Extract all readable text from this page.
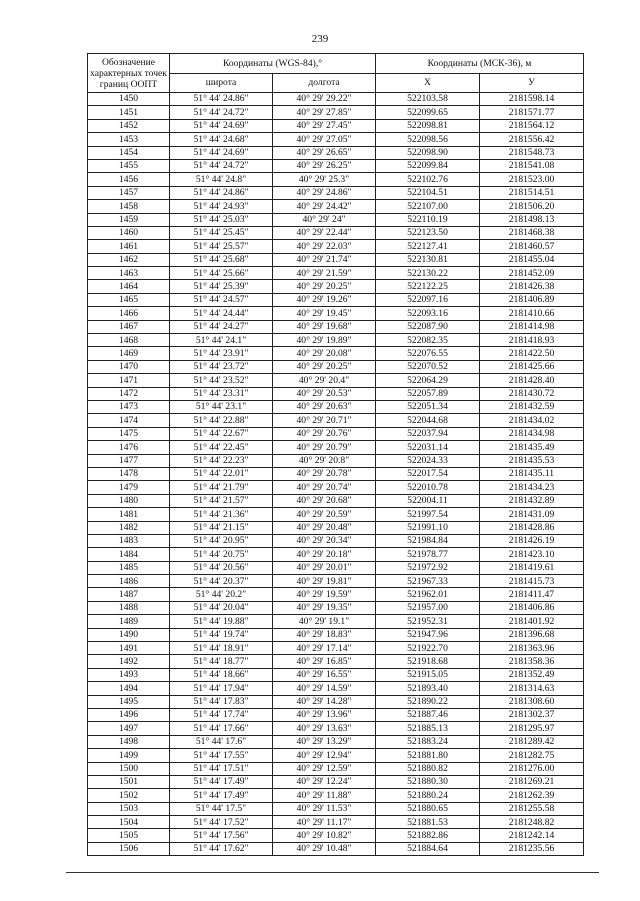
239
Обозначение характерных точек границ ООПТ	Координаты (WGS-84),°		Координаты (МСК-36), м	
	широта	долгота	X	У
1450	51° 44' 24.86"	40° 29' 29.22"	522103.58	2181598.14
1451	51° 44' 24.72"	40° 29' 27.85"	522099.65	2181571.77
1452	51° 44' 24.69"	40° 29' 27.45"	522098.81	2181564.12
1453	51° 44' 24.68"	40° 29' 27.05"	522098.56	2181556.42
1454	51° 44' 24.69"	40° 29' 26.65"	522098.90	2181548.73
1455	51° 44' 24.72"	40° 29' 26.25"	522099.84	2181541.08
1456	51° 44' 24.8"	40° 29' 25.3"	522102.76	2181523.00
1457	51° 44' 24.86"	40° 29' 24.86"	522104.51	2181514.51
1458	51° 44' 24.93"	40° 29' 24.42"	522107.00	2181506.20
1459	51° 44' 25.03"	40° 29' 24"	522110.19	2181498.13
1460	51° 44' 25.45"	40° 29' 22.44"	522123.50	2181468.38
1461	51° 44' 25.57"	40° 29' 22.03"	522127.41	2181460.57
1462	51° 44' 25.68"	40° 29' 21.74"	522130.81	2181455.04
1463	51° 44' 25.66"	40° 29' 21.59"	522130.22	2181452.09
1464	51° 44' 25.39"	40° 29' 20.25"	522122.25	2181426.38
1465	51° 44' 24.57"	40° 29' 19.26"	522097.16	2181406.89
1466	51° 44' 24.44"	40° 29' 19.45"	522093.16	2181410.66
1467	51° 44' 24.27"	40° 29' 19.68"	522087.90	2181414.98
1468	51° 44' 24.1"	40° 29' 19.89"	522082.35	2181418.93
1469	51° 44' 23.91"	40° 29' 20.08"	522076.55	2181422.50
1470	51° 44' 23.72"	40° 29' 20.25"	522070.52	2181425.66
1471	51° 44' 23.52"	40° 29' 20.4"	522064.29	2181428.40
1472	51° 44' 23.31"	40° 29' 20.53"	522057.89	2181430.72
1473	51° 44' 23.1"	40° 29' 20.63"	522051.34	2181432.59
1474	51° 44' 22.88"	40° 29' 20.71"	522044.68	2181434.02
1475	51° 44' 22.67"	40° 29' 20.76"	522037.94	2181434.98
1476	51° 44' 22.45"	40° 29' 20.79"	522031.14	2181435.49
1477	51° 44' 22.23"	40° 29' 20.8"	522024.33	2181435.53
1478	51° 44' 22.01"	40° 29' 20.78"	522017.54	2181435.11
1479	51° 44' 21.79"	40° 29' 20.74"	522010.78	2181434.23
1480	51° 44' 21.57"	40° 29' 20.68"	522004.11	2181432.89
1481	51° 44' 21.36"	40° 29' 20.59"	521997.54	2181431.09
1482	51° 44' 21.15"	40° 29' 20.48"	521991.10	2181428.86
1483	51° 44' 20.95"	40° 29' 20.34"	521984.84	2181426.19
1484	51° 44' 20.75"	40° 29' 20.18"	521978.77	2181423.10
1485	51° 44' 20.56"	40° 29' 20.01"	521972.92	2181419.61
1486	51° 44' 20.37"	40° 29' 19.81"	521967.33	2181415.73
1487	51° 44' 20.2"	40° 29' 19.59"	521962.01	2181411.47
1488	51° 44' 20.04"	40° 29' 19.35"	521957.00	2181406.86
1489	51° 44' 19.88"	40° 29' 19.1"	521952.31	2181401.92
1490	51° 44' 19.74"	40° 29' 18.83"	521947.96	2181396.68
1491	51° 44' 18.91"	40° 29' 17.14"	521922.70	2181363.96
1492	51° 44' 18.77"	40° 29' 16.85"	521918.68	2181358.36
1493	51° 44' 18.66"	40° 29' 16.55"	521915.05	2181352.49
1494	51° 44' 17.94"	40° 29' 14.59"	521893.40	2181314.63
1495	51° 44' 17.83"	40° 29' 14.28"	521890.22	2181308.60
1496	51° 44' 17.74"	40° 29' 13.96"	521887.46	2181302.37
1497	51° 44' 17.66"	40° 29' 13.63"	521885.13	2181295.97
1498	51° 44' 17.6"	40° 29' 13.29"	521883.24	2181289.42
1499	51° 44' 17.55"	40° 29' 12.94"	521881.80	2181282.75
1500	51° 44' 17.51"	40° 29' 12.59"	521880.82	2181276.00
1501	51° 44' 17.49"	40° 29' 12.24"	521880.30	2181269.21
1502	51° 44' 17.49"	40° 29' 11.88"	521880.24	2181262.39
1503	51° 44' 17.5"	40° 29' 11.53"	521880.65	2181255.58
1504	51° 44' 17.52"	40° 29' 11.17"	521881.53	2181248.82
1505	51° 44' 17.56"	40° 29' 10.82"	521882.86	2181242.14
1506	51° 44' 17.62"	40° 29' 10.48"	521884.64	2181235.56
